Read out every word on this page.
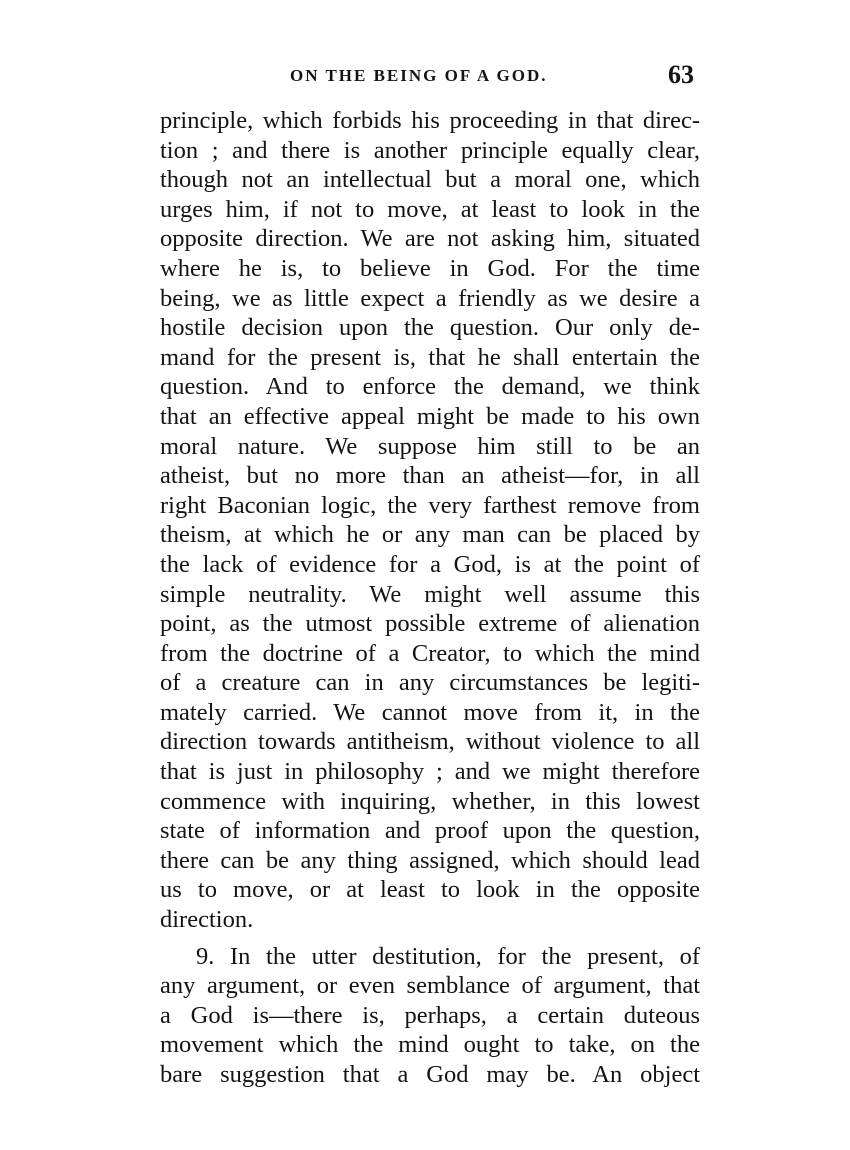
ON THE BEING OF A GOD.	63
principle, which forbids his proceeding in that direc-
tion ; and there is another principle equally clear,
though not an intellectual but a moral one, which
urges him, if not to move, at least to look in the
opposite direction. We are not asking him, situated
where he is, to believe in God. For the time
being, we as little expect a friendly as we desire a
hostile decision upon the question. Our only de-
mand for the present is, that he shall entertain the
question. And to enforce the demand, we think
that an effective appeal might be made to his own
moral nature. We suppose him still to be an
atheist, but no more than an atheist—for, in all
right Baconian logic, the very farthest remove from
theism, at which he or any man can be placed by
the lack of evidence for a God, is at the point of
simple neutrality. We might well assume this
point, as the utmost possible extreme of alienation
from the doctrine of a Creator, to which the mind
of a creature can in any circumstances be legiti-
mately carried. We cannot move from it, in the
direction towards antitheism, without violence to all
that is just in philosophy ; and we might therefore
commence with inquiring, whether, in this lowest
state of information and proof upon the question,
there can be any thing assigned, which should lead
us to move, or at least to look in the opposite
direction.
9. In the utter destitution, for the present, of
any argument, or even semblance of argument, that
a God is—there is, perhaps, a certain duteous
movement which the mind ought to take, on the
bare suggestion that a God may be. An object
